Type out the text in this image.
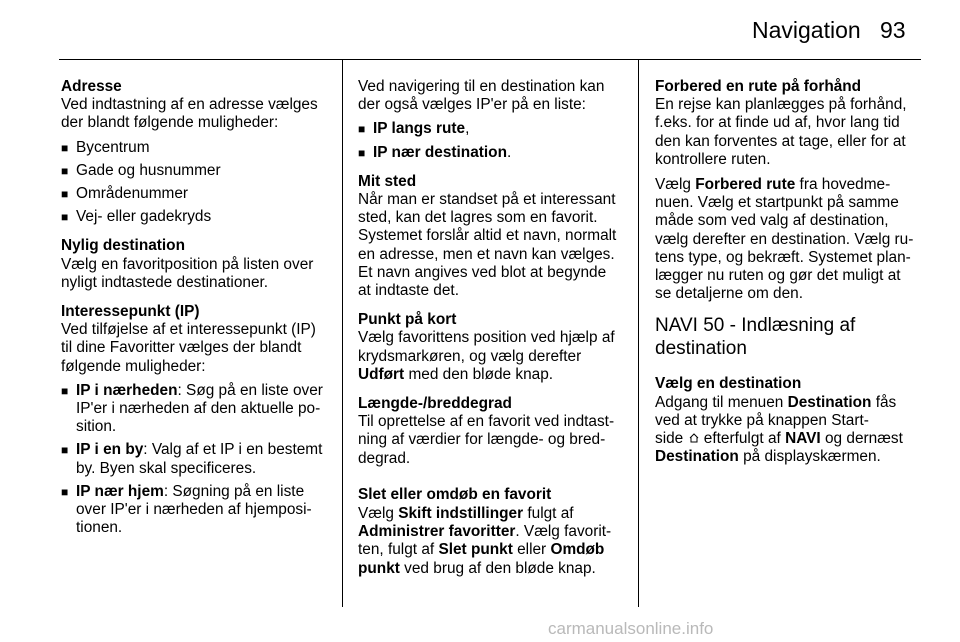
Navigation 93

Adresse

Ved indtastning af en adresse vælges
der blandt følgende muligheder:

■ Bycentrum
■ Gade og husnummer
■ Områdenummer
■ Vej- eller gadekryds

Nylig destination

Vælg en favoritposition på listen over
nyligt indtastede destinationer.

Interessepunkt (IP)

Ved tilføjelse af et interessepunkt (IP)
til dine Favoritter vælges der blandt
følgende muligheder:

■ IP i nærheden: Søg på en liste over
IP'er i nærheden af den aktuelle po‑
sition.
■ IP i en by: Valg af et IP i en bestemt
by. Byen skal specificeres.
■ IP nær hjem: Søgning på en liste
over IP'er i nærheden af hjemposi‑
tionen.

Ved navigering til en destination kan
der også vælges IP'er på en liste:

■ IP langs rute,
■ IP nær destination.

Mit sted

Når man er standset på et interessant
sted, kan det lagres som en favorit.
Systemet forslår altid et navn, normalt
en adresse, men et navn kan vælges.
Et navn angives ved blot at begynde
at indtaste det.

Punkt på kort

Vælg favorittens position ved hjælp af
krydsmarkøren, og vælg derefter

Udført med den bløde knap.

Længde-/breddegrad

Til oprettelse af en favorit ved indtast‑
ning af værdier for længde- og bred‑
degrad.

Slet eller omdøb en favorit

Vælg Skift indstillinger fulgt af
Administrer favoritter. Vælg favorit‑
ten, fulgt af Slet punkt eller Omdøb
punkt ved brug af den bløde knap.

Forbered en rute på forhånd

En rejse kan planlægges på forhånd,
f.eks. for at finde ud af, hvor lang tid
den kan forventes at tage, eller for at
kontrollere ruten.

Vælg Forbered rute fra hovedme‑
nuen. Vælg et startpunkt på samme
måde som ved valg af destination,
vælg derefter en destination. Vælg ru‑
tens type, og bekræft. Systemet plan‑
lægger nu ruten og gør det muligt at
se detaljerne om den.

NAVI 50 - Indlæsning af
destination

Vælg en destination

Adgang til menuen Destination fås
ved at trykke på knappen Start‑
side  efterfulgt af NAVI og dernæst
Destination på displayskærmen.

carmanualsonline.info
